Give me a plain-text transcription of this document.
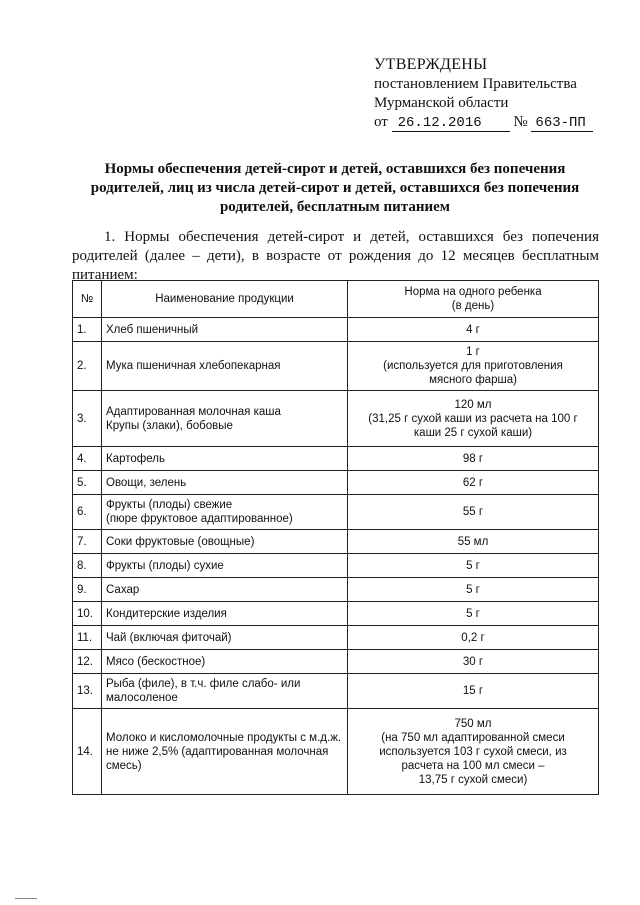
УТВЕРЖДЕНЫ
постановлением Правительства
Мурманской области
от 26.12.2016 № 663-ПП
Нормы обеспечения детей-сирот и детей, оставшихся без попечения родителей, лиц из числа детей-сирот и детей, оставшихся без попечения родителей, бесплатным питанием
1. Нормы обеспечения детей-сирот и детей, оставшихся без попечения родителей (далее – дети), в возрасте от рождения до 12 месяцев бесплатным питанием:
№	Наименование продукции	Норма на одного ребенка
(в день)
1.	Хлеб пшеничный	4 г
2.	Мука пшеничная хлебопекарная	1 г
(используется для приготовления
мясного фарша)
3.	Адаптированная молочная каша
Крупы (злаки), бобовые	120 мл
(31,25 г сухой каши из расчета на 100 г
каши 25 г сухой каши)
4.	Картофель	98 г
5.	Овощи, зелень	62 г
6.	Фрукты (плоды) свежие
(пюре фруктовое адаптированное)	55 г
7.	Соки фруктовые (овощные)	55 мл
8.	Фрукты (плоды) сухие	5 г
9.	Сахар	5 г
10.	Кондитерские изделия	5 г
11.	Чай (включая фиточай)	0,2 г
12.	Мясо (бескостное)	30 г
13.	Рыба (филе), в т.ч. филе слабо- или
малосоленое	15 г
14.	Молоко и кисломолочные продукты с м.д.ж.
не ниже 2,5% (адаптированная молочная
смесь)	750 мл
(на 750 мл адаптированной смеси
используется 103 г сухой смеси, из
расчета на 100 мл смеси –
13,75 г сухой смеси)
